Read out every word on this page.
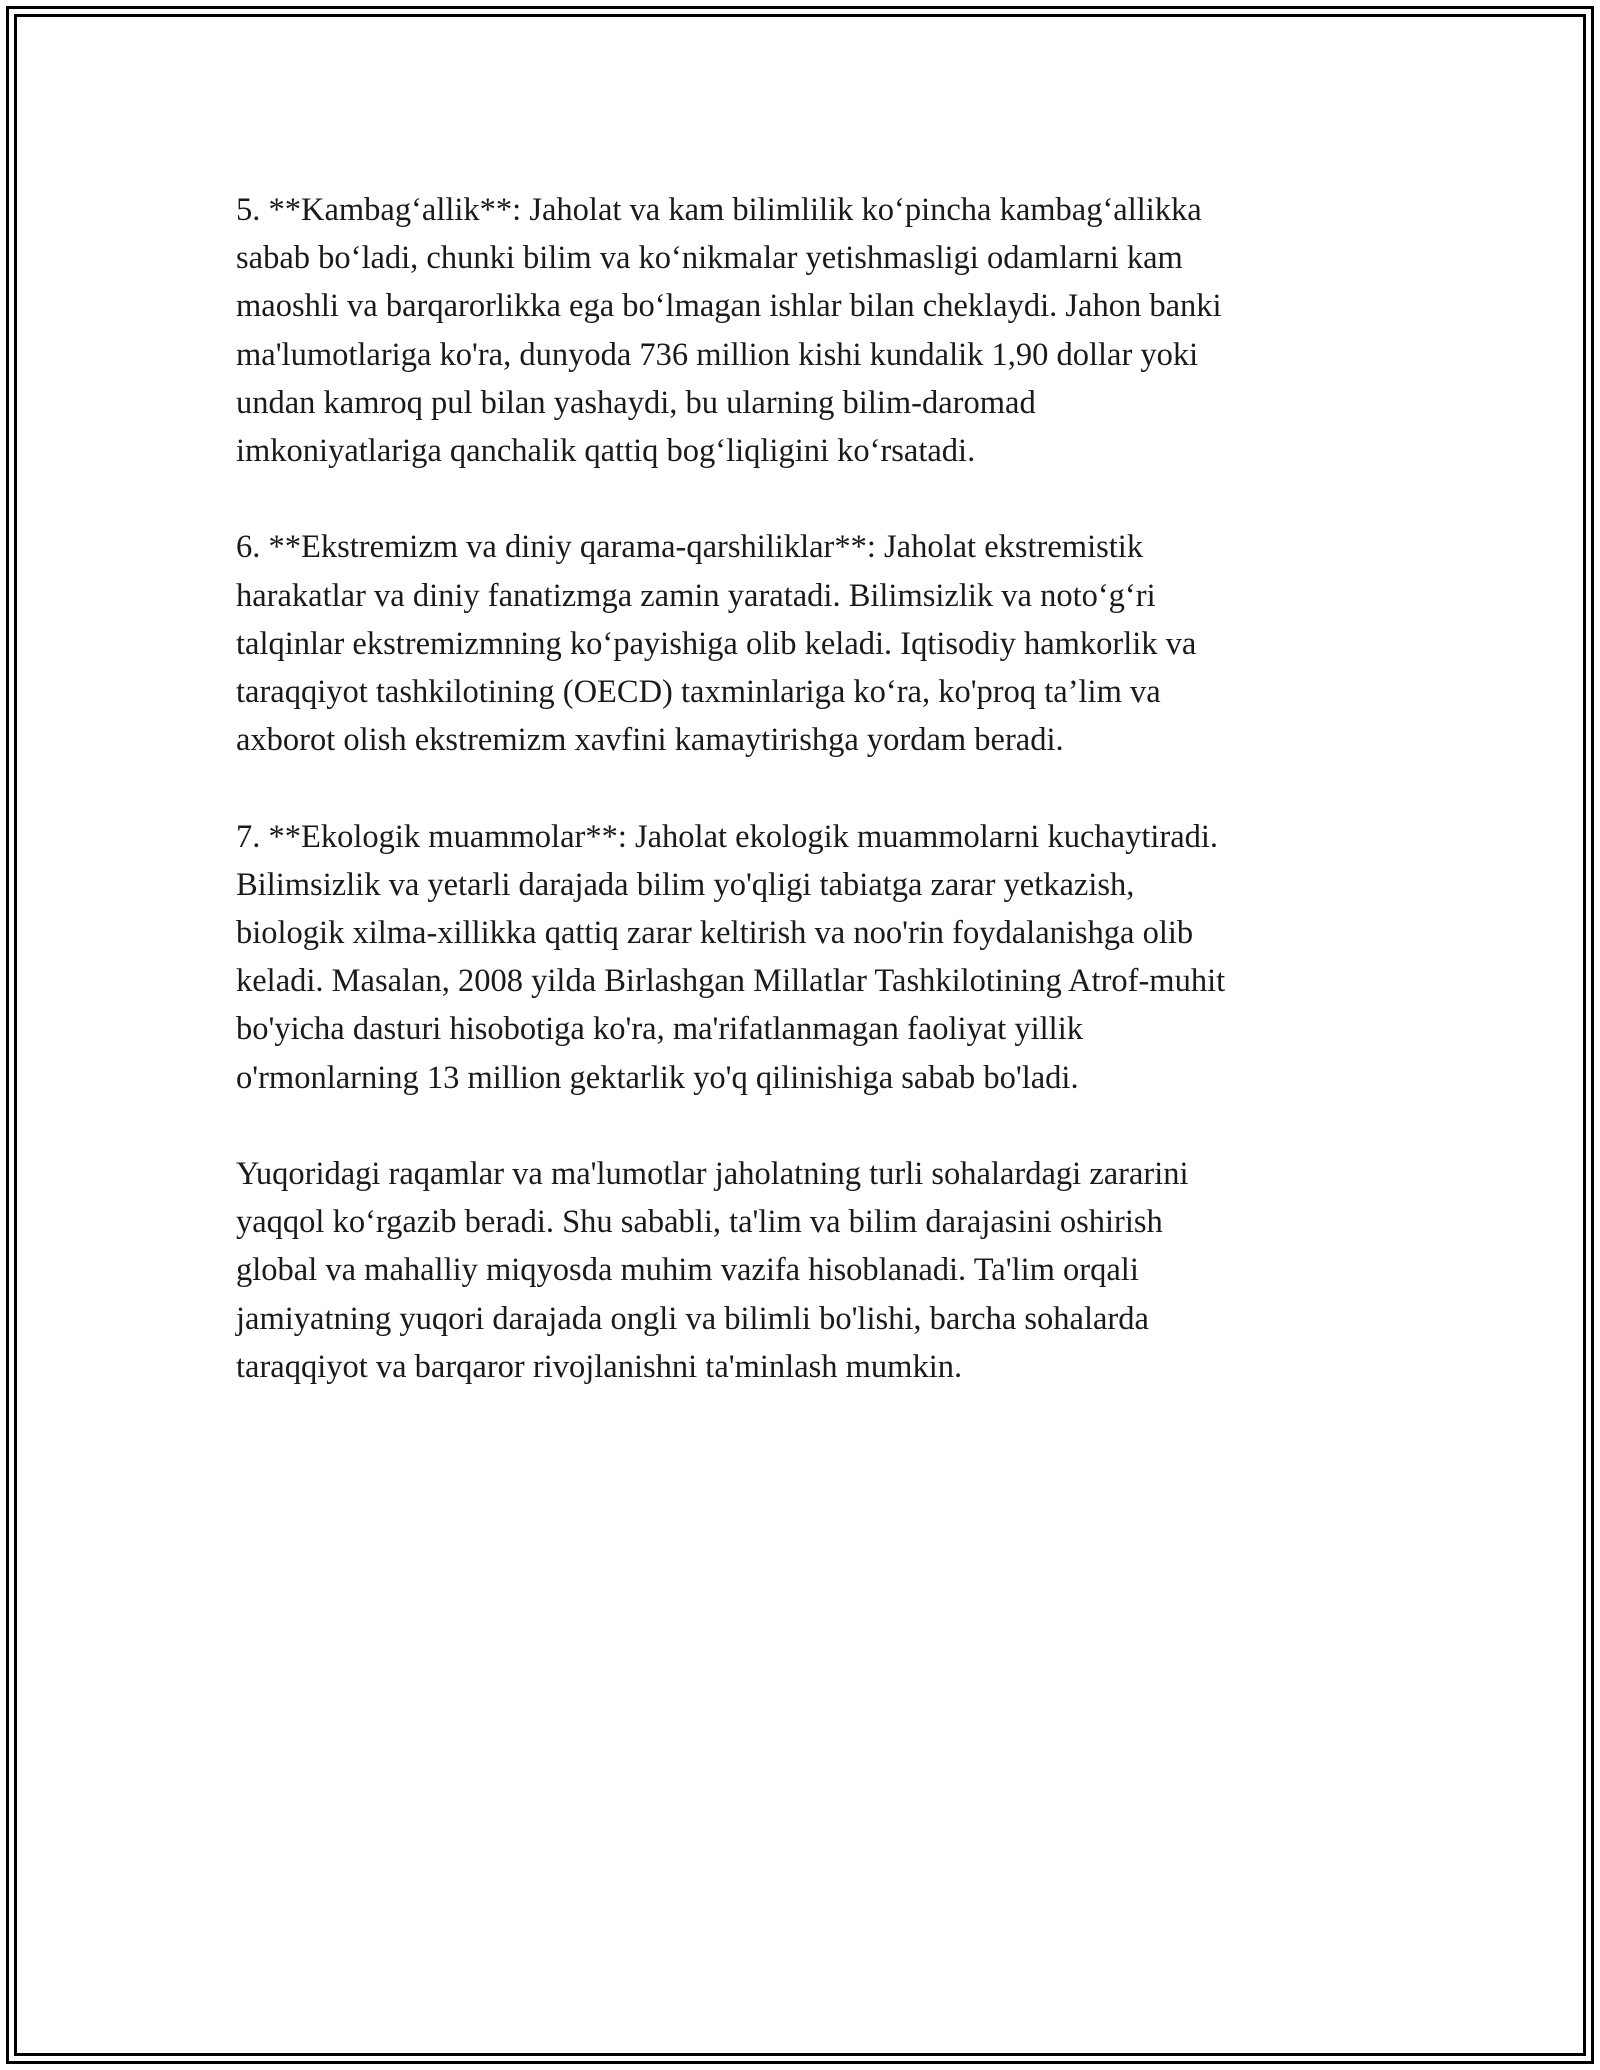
5. **Kambag‘allik**: Jaholat va kam bilimlilik ko‘pincha kambag‘allikka
sabab bo‘ladi, chunki bilim va ko‘nikmalar yetishmasligi odamlarni kam
maoshli va barqarorlikka ega bo‘lmagan ishlar bilan cheklaydi. Jahon banki
ma'lumotlariga ko'ra, dunyoda 736 million kishi kundalik 1,90 dollar yoki
undan kamroq pul bilan yashaydi, bu ularning bilim-daromad
imkoniyatlariga qanchalik qattiq bog‘liqligini ko‘rsatadi.

6. **Ekstremizm va diniy qarama-qarshiliklar**: Jaholat ekstremistik
harakatlar va diniy fanatizmga zamin yaratadi. Bilimsizlik va noto‘g‘ri
talqinlar ekstremizmning ko‘payishiga olib keladi. Iqtisodiy hamkorlik va
taraqqiyot tashkilotining (OECD) taxminlariga ko‘ra, ko'proq ta’lim va
axborot olish ekstremizm xavfini kamaytirishga yordam beradi.

7. **Ekologik muammolar**: Jaholat ekologik muammolarni kuchaytiradi.
Bilimsizlik va yetarli darajada bilim yo'qligi tabiatga zarar yetkazish,
biologik xilma-xillikka qattiq zarar keltirish va noo'rin foydalanishga olib
keladi. Masalan, 2008 yilda Birlashgan Millatlar Tashkilotining Atrof-muhit
bo'yicha dasturi hisobotiga ko'ra, ma'rifatlanmagan faoliyat yillik
o'rmonlarning 13 million gektarlik yo'q qilinishiga sabab bo'ladi.

Yuqoridagi raqamlar va ma'lumotlar jaholatning turli sohalardagi zararini
yaqqol ko‘rgazib beradi. Shu sababli, ta'lim va bilim darajasini oshirish
global va mahalliy miqyosda muhim vazifa hisoblanadi. Ta'lim orqali
jamiyatning yuqori darajada ongli va bilimli bo'lishi, barcha sohalarda
taraqqiyot va barqaror rivojlanishni ta'minlash mumkin.
